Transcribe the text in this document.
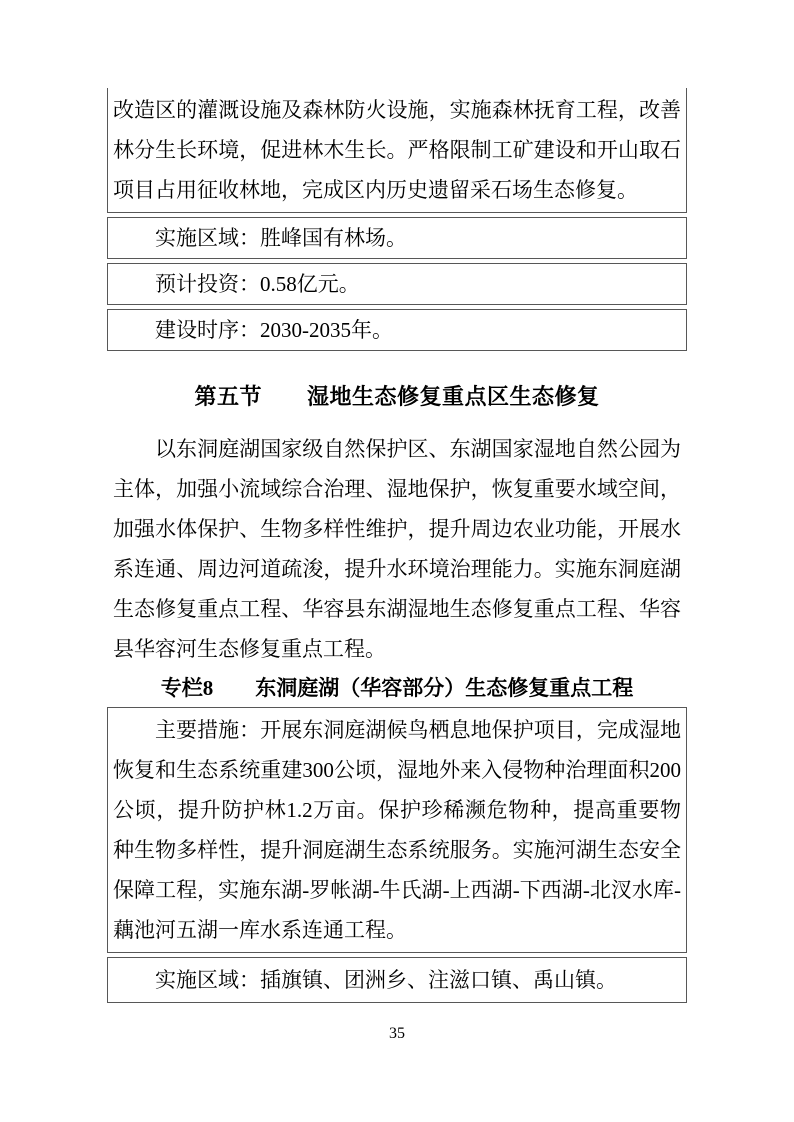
改造区的灌溉设施及森林防火设施，实施森林抚育工程，改善林分生长环境，促进林木生长。严格限制工矿建设和开山取石项目占用征收林地，完成区内历史遗留采石场生态修复。

实施区域：胜峰国有林场。

预计投资：0.58亿元。

建设时序：2030-2035年。

第五节　　湿地生态修复重点区生态修复

以东洞庭湖国家级自然保护区、东湖国家湿地自然公园为主体，加强小流域综合治理、湿地保护，恢复重要水域空间，加强水体保护、生物多样性维护，提升周边农业功能，开展水系连通、周边河道疏浚，提升水环境治理能力。实施东洞庭湖生态修复重点工程、华容县东湖湿地生态修复重点工程、华容县华容河生态修复重点工程。

专栏8　　东洞庭湖（华容部分）生态修复重点工程

主要措施：开展东洞庭湖候鸟栖息地保护项目，完成湿地恢复和生态系统重建300公顷，湿地外来入侵物种治理面积200公顷，提升防护林1.2万亩。保护珍稀濒危物种，提高重要物种生物多样性，提升洞庭湖生态系统服务。实施河湖生态安全保障工程，实施东湖-罗帐湖-牛氏湖-上西湖-下西湖-北汊水库-藕池河五湖一库水系连通工程。

实施区域：插旗镇、团洲乡、注滋口镇、禹山镇。

35
